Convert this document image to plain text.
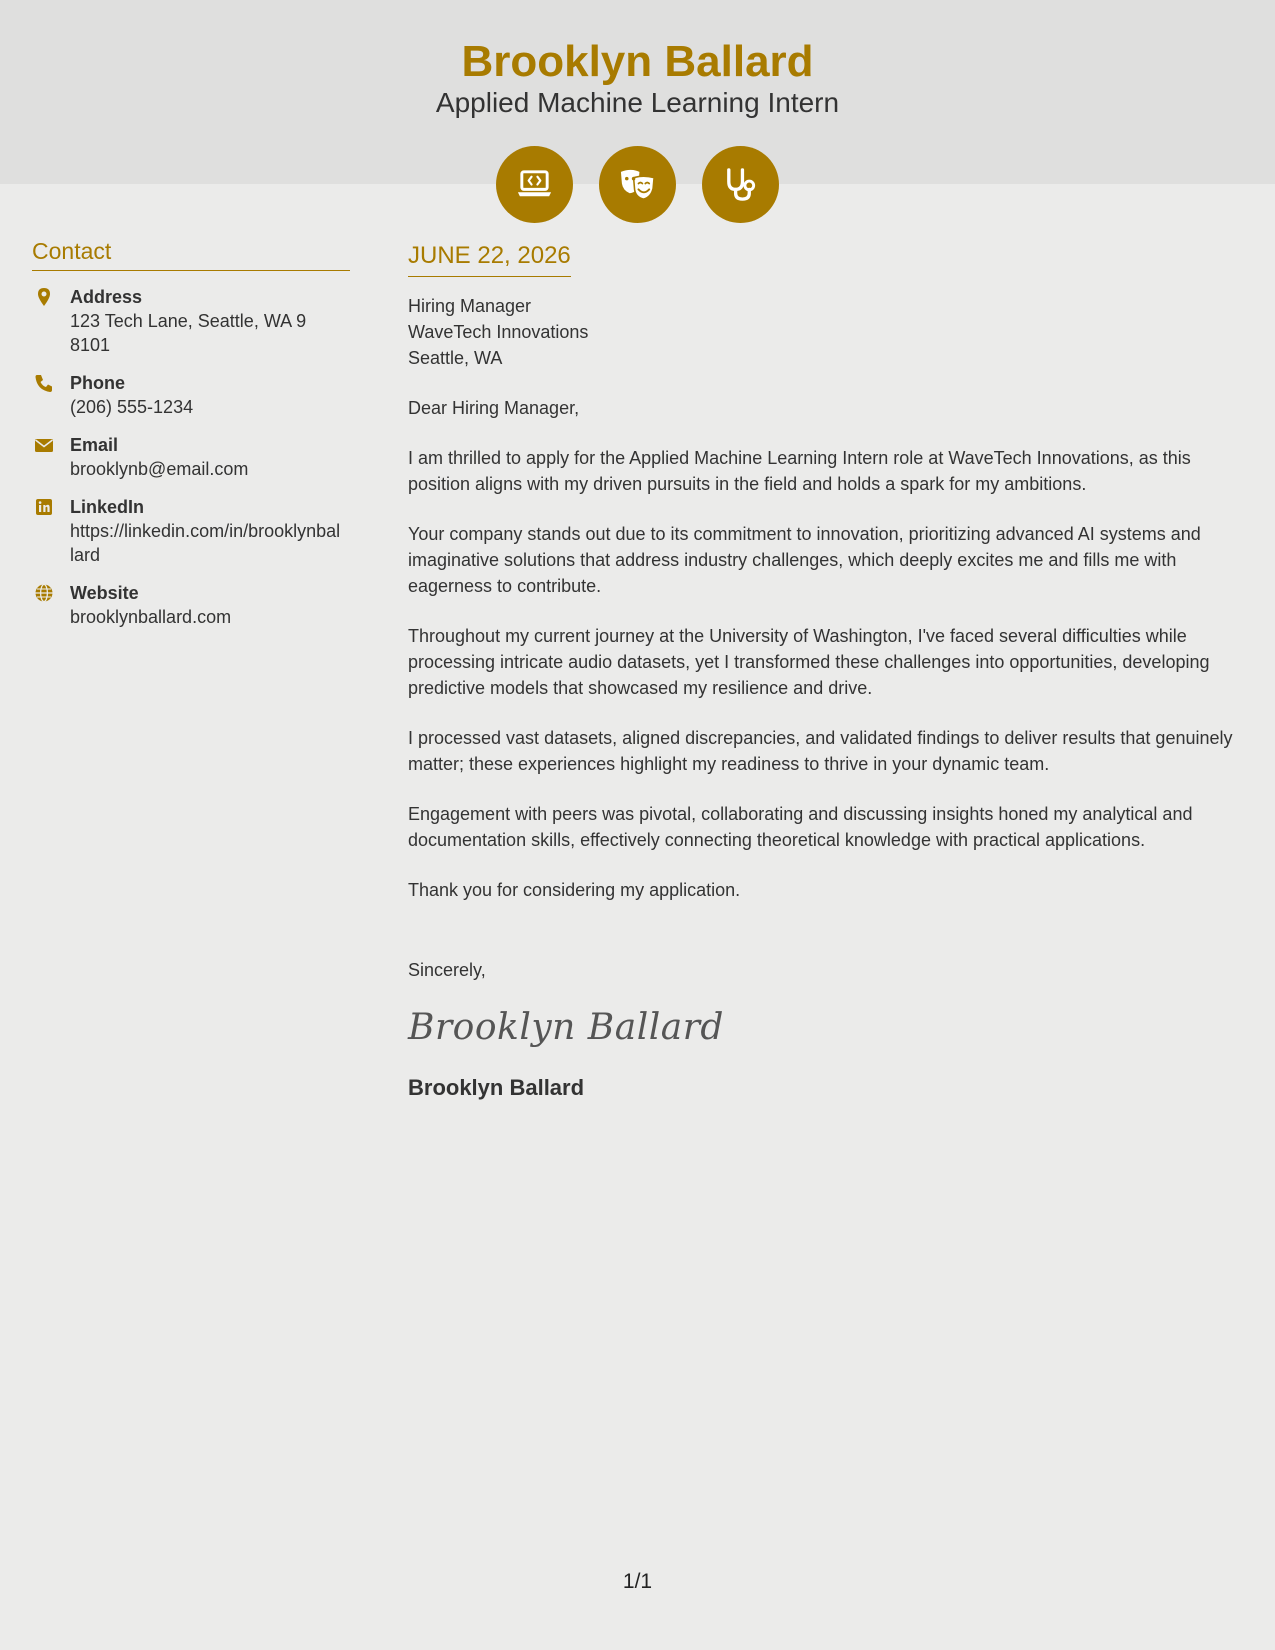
Brooklyn Ballard
Applied Machine Learning Intern
Contact
Address
123 Tech Lane, Seattle, WA 98101
Phone
(206) 555-1234
Email
brooklynb@email.com
LinkedIn
https://linkedin.com/in/brooklynballard
Website
brooklynballard.com
JUNE 22, 2026
Hiring Manager
WaveTech Innovations
Seattle, WA
Dear Hiring Manager,
I am thrilled to apply for the Applied Machine Learning Intern role at WaveTech Innovations, as this position aligns with my driven pursuits in the field and holds a spark for my ambitions.
Your company stands out due to its commitment to innovation, prioritizing advanced AI systems and imaginative solutions that address industry challenges, which deeply excites me and fills me with eagerness to contribute.
Throughout my current journey at the University of Washington, I've faced several difficulties while processing intricate audio datasets, yet I transformed these challenges into opportunities, developing predictive models that showcased my resilience and drive.
I processed vast datasets, aligned discrepancies, and validated findings to deliver results that genuinely matter; these experiences highlight my readiness to thrive in your dynamic team.
Engagement with peers was pivotal, collaborating and discussing insights honed my analytical and documentation skills, effectively connecting theoretical knowledge with practical applications.
Thank you for considering my application.
Sincerely,
Brooklyn Ballard
Brooklyn Ballard
1/1
